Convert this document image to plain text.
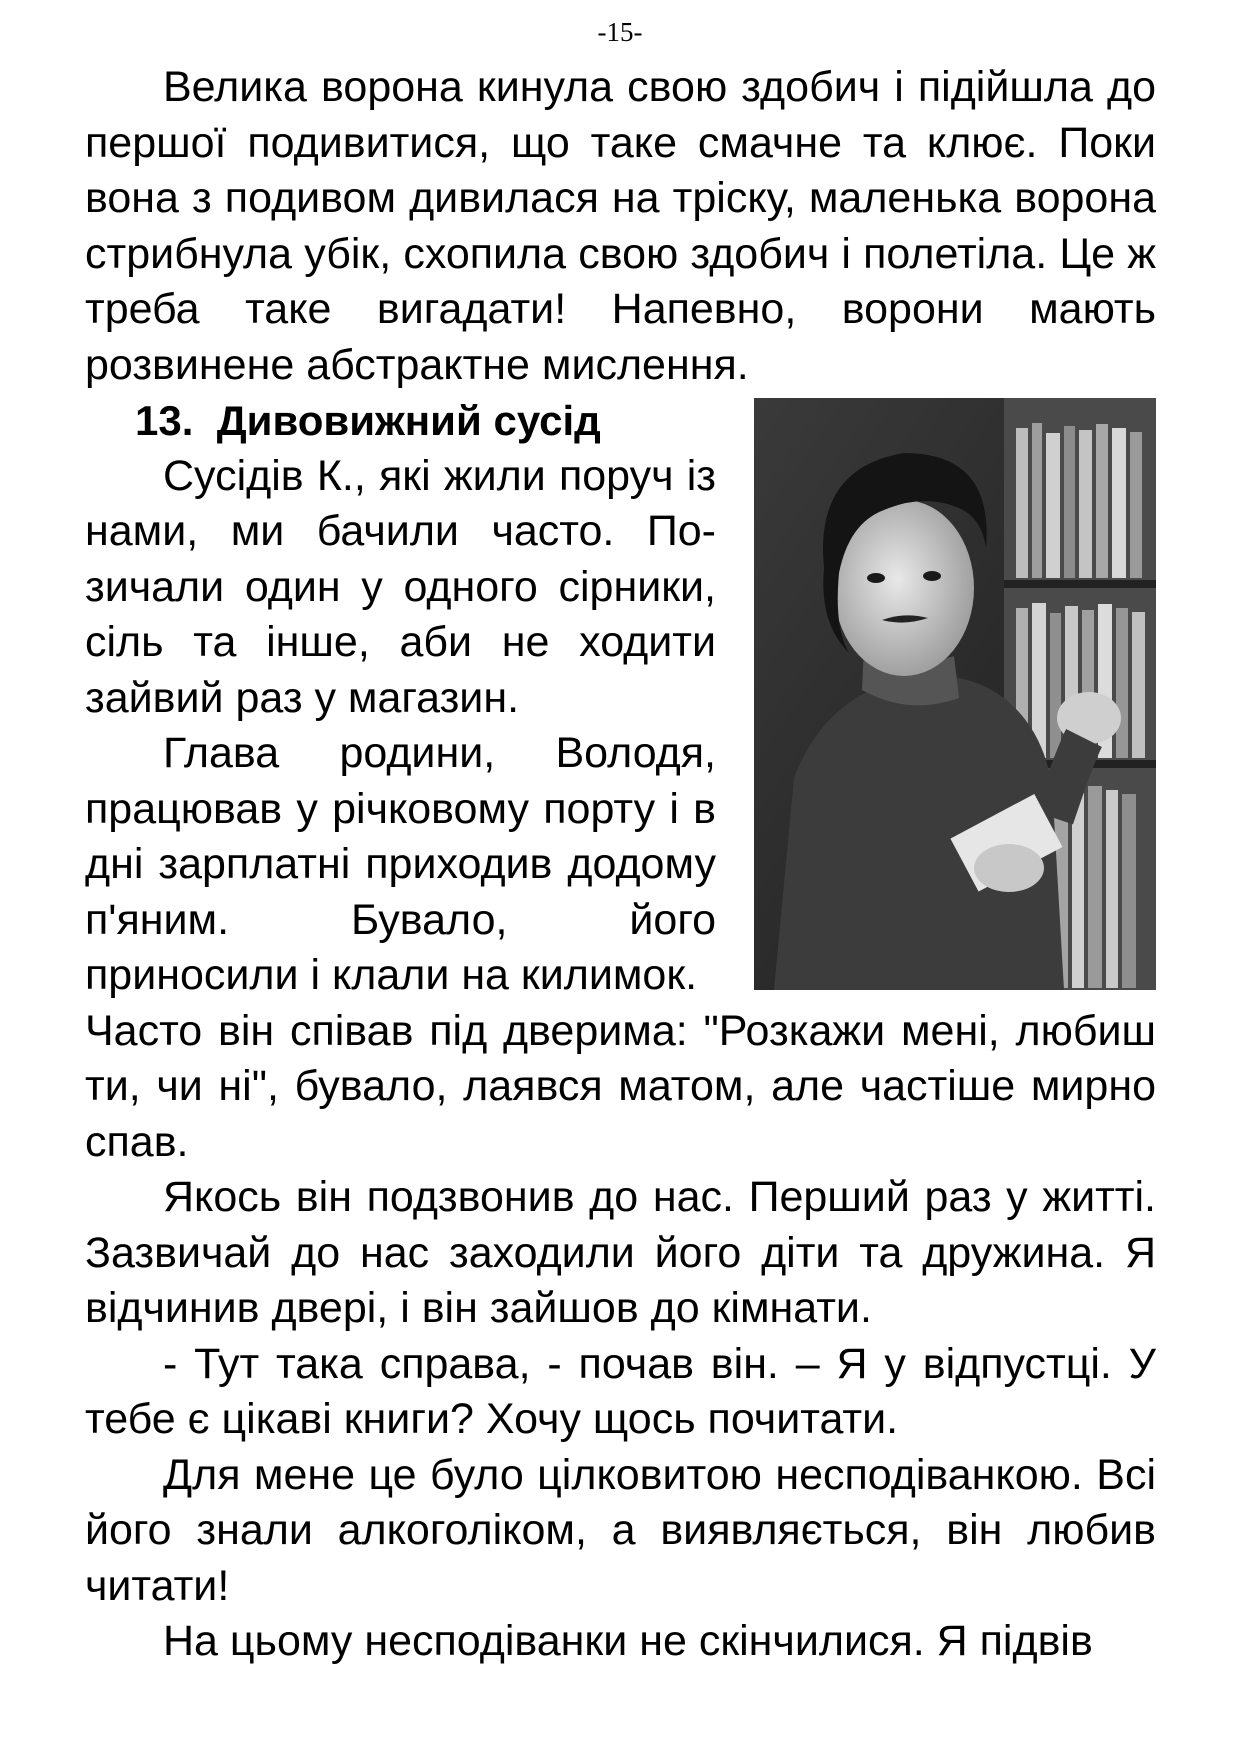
-15-

Велика ворона кинула свою здобич і підійшла до першої подивитися, що таке смачне та клює. Поки вона з подивом дивилася на тріску, маленька ворона стрибнула убік, схопила свою здобич і полетіла. Це ж треба таке вигадати! Напевно, ворони мають розвинене абстрактне мислення.

13. Дивовижний сусід

Сусідів К., які жили поруч із нами, ми бачили часто. Позичали один у одного сірники, сіль та інше, аби не ходити зайвий раз у магазин.

Глава родини, Володя, працював у річковому порту і в дні зарплатні приходив додому п'яним. Бувало, його приносили і клали на килимок.

Часто він співав під дверима: "Розкажи мені, любиш ти, чи ні", бувало, лаявся матом, але частіше мирно спав.

Якось він подзвонив до нас. Перший раз у житті. Зазвичай до нас заходили його діти та дружина. Я відчинив двері, і він зайшов до кімнати.

- Тут така справа, - почав він. – Я у відпустці. У тебе є цікаві книги? Хочу щось почитати.

Для мене це було цілковитою несподіванкою. Всі його знали алкоголіком, а виявляється, він любив читати!

На цьому несподіванки не скінчилися. Я підвів
